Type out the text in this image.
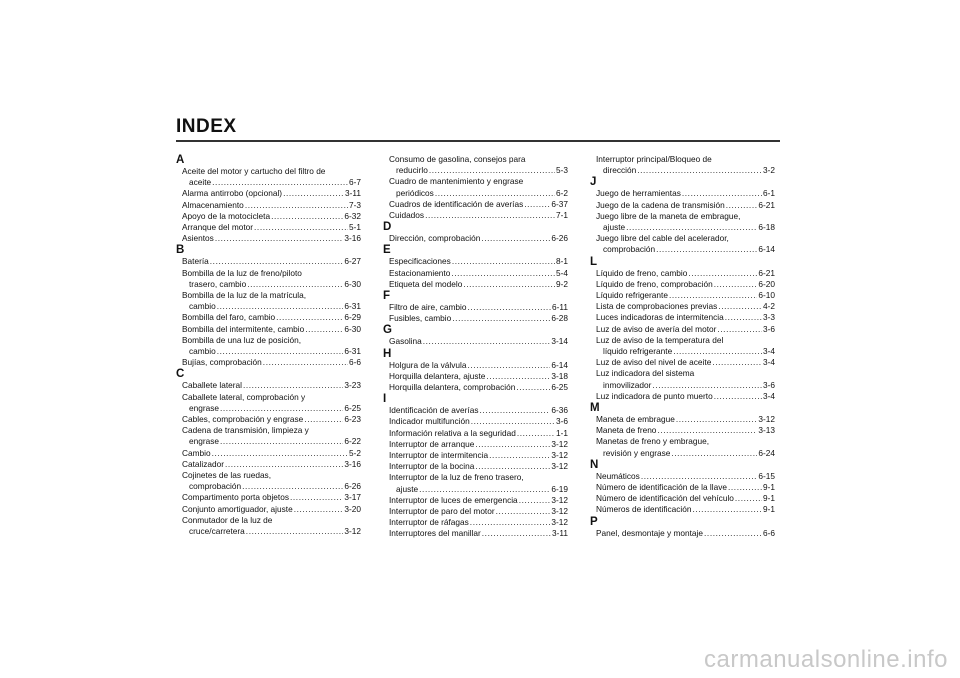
INDEX
A
Aceite del motor y cartucho del filtro de
aceite .....	6-7
Alarma antirrobo (opcional) .....	3-11
Almacenamiento .....	7-3
Apoyo de la motocicleta .....	6-32
Arranque del motor .....	5-1
Asientos .....	3-16
B
Batería .....	6-27
Bombilla de la luz de freno/piloto
trasero, cambio .....	6-30
Bombilla de la luz de la matrícula,
cambio .....	6-31
Bombilla del faro, cambio .....	6-29
Bombilla del intermitente, cambio .....	6-30
Bombilla de una luz de posición,
cambio .....	6-31
Bujías, comprobación .....	6-6
C
Caballete lateral .....	3-23
Caballete lateral, comprobación y
engrase .....	6-25
Cables, comprobación y engrase .....	6-23
Cadena de transmisión, limpieza y
engrase .....	6-22
Cambio .....	5-2
Catalizador .....	3-16
Cojinetes de las ruedas,
comprobación .....	6-26
Compartimento porta objetos .....	3-17
Conjunto amortiguador, ajuste .....	3-20
Conmutador de la luz de
cruce/carretera .....	3-12
Consumo de gasolina, consejos para
reducirlo .....	5-3
Cuadro de mantenimiento y engrase
periódicos .....	6-2
Cuadros de identificación de averías .....	6-37
Cuidados .....	7-1
D
Dirección, comprobación .....	6-26
E
Especificaciones .....	8-1
Estacionamiento .....	5-4
Etiqueta del modelo .....	9-2
F
Filtro de aire, cambio .....	6-11
Fusibles, cambio .....	6-28
G
Gasolina .....	3-14
H
Holgura de la válvula .....	6-14
Horquilla delantera, ajuste .....	3-18
Horquilla delantera, comprobación .....	6-25
I
Identificación de averías .....	6-36
Indicador multifunción .....	3-6
Información relativa a la seguridad .....	1-1
Interruptor de arranque .....	3-12
Interruptor de intermitencia .....	3-12
Interruptor de la bocina .....	3-12
Interruptor de la luz de freno trasero,
ajuste .....	6-19
Interruptor de luces de emergencia .....	3-12
Interruptor de paro del motor .....	3-12
Interruptor de ráfagas .....	3-12
Interruptores del manillar .....	3-11
Interruptor principal/Bloqueo de
dirección .....	3-2
J
Juego de herramientas .....	6-1
Juego de la cadena de transmisión .....	6-21
Juego libre de la maneta de embrague,
ajuste .....	6-18
Juego libre del cable del acelerador,
comprobación .....	6-14
L
Líquido de freno, cambio .....	6-21
Líquido de freno, comprobación .....	6-20
Líquido refrigerante .....	6-10
Lista de comprobaciones previas .....	4-2
Luces indicadoras de intermitencia .....	3-3
Luz de aviso de avería del motor .....	3-6
Luz de aviso de la temperatura del
líquido refrigerante .....	3-4
Luz de aviso del nivel de aceite .....	3-4
Luz indicadora del sistema
inmovilizador .....	3-6
Luz indicadora de punto muerto .....	3-4
M
Maneta de embrague .....	3-12
Maneta de freno .....	3-13
Manetas de freno y embrague,
revisión y engrase .....	6-24
N
Neumáticos .....	6-15
Número de identificación de la llave .....	9-1
Número de identificación del vehículo .....	9-1
Números de identificación .....	9-1
P
Panel, desmontaje y montaje .....	6-6
carmanualsonline.info
